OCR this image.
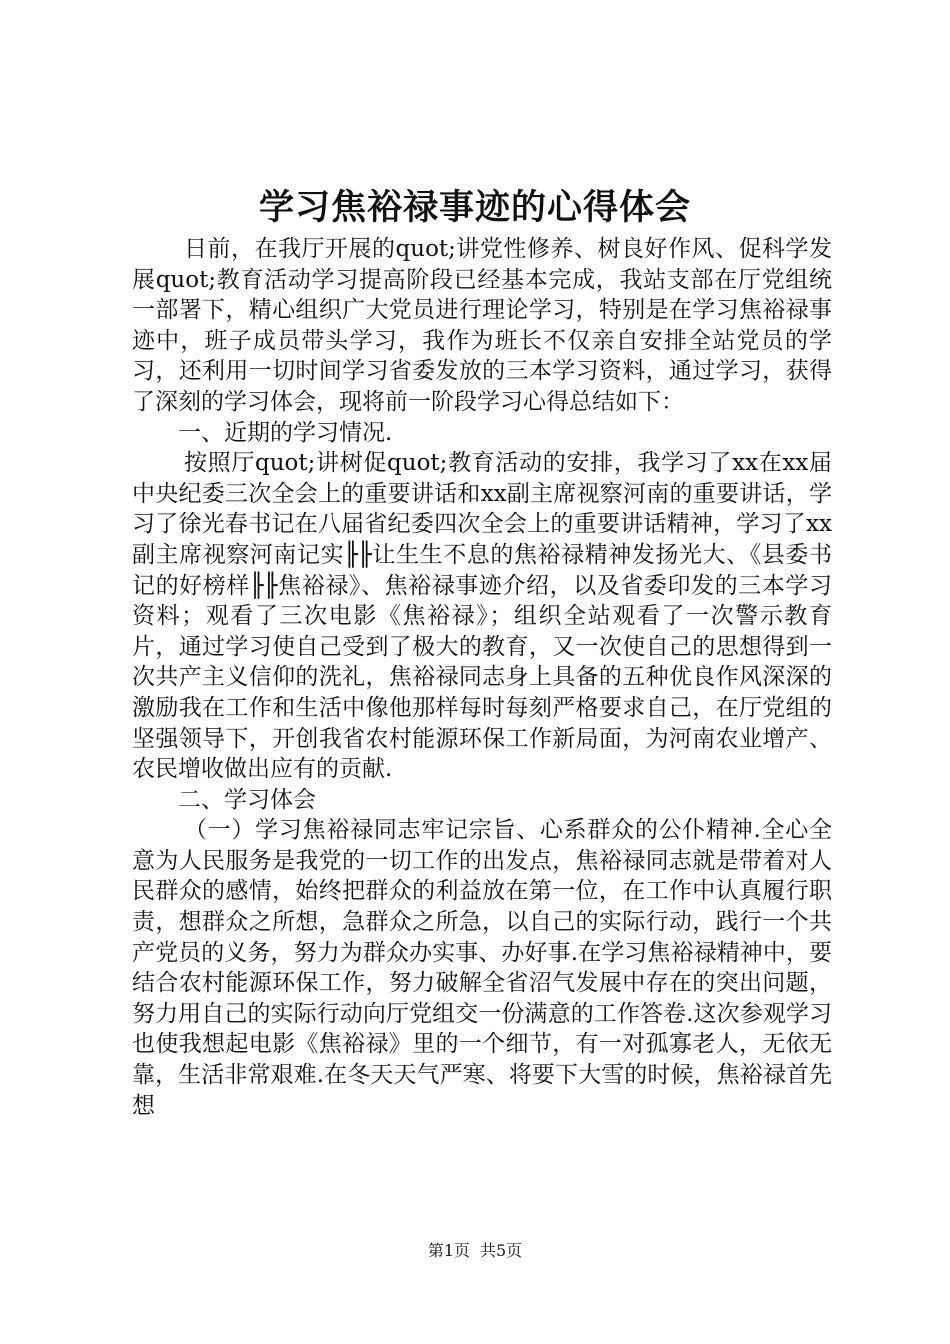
学习焦裕禄事迹的心得体会

日前，在我厅开展的quot;讲党性修养、树良好作风、促科学发展quot;教育活动学习提高阶段已经基本完成，我站支部在厅党组统一部署下，精心组织广大党员进行理论学习，特别是在学习焦裕禄事迹中，班子成员带头学习，我作为班长不仅亲自安排全站党员的学习，还利用一切时间学习省委发放的三本学习资料，通过学习，获得了深刻的学习体会，现将前一阶段学习心得总结如下：

一、近期的学习情况.

按照厅quot;讲树促quot;教育活动的安排，我学习了xx在xx届中央纪委三次全会上的重要讲话和xx副主席视察河南的重要讲话，学习了徐光春书记在八届省纪委四次全会上的重要讲话精神，学习了xx副主席视察河南记实╟╟让生生不息的焦裕禄精神发扬光大、《县委书记的好榜样╟╟焦裕禄》、焦裕禄事迹介绍，以及省委印发的三本学习资料；观看了三次电影《焦裕禄》；组织全站观看了一次警示教育片，通过学习使自己受到了极大的教育，又一次使自己的思想得到一次共产主义信仰的洗礼，焦裕禄同志身上具备的五种优良作风深深的激励我在工作和生活中像他那样每时每刻严格要求自己，在厅党组的坚强领导下，开创我省农村能源环保工作新局面，为河南农业增产、农民增收做出应有的贡献.

二、学习体会

（一）学习焦裕禄同志牢记宗旨、心系群众的公仆精神.全心全意为人民服务是我党的一切工作的出发点，焦裕禄同志就是带着对人民群众的感情，始终把群众的利益放在第一位，在工作中认真履行职责，想群众之所想，急群众之所急，以自己的实际行动，践行一个共产党员的义务，努力为群众办实事、办好事.在学习焦裕禄精神中，要结合农村能源环保工作，努力破解全省沼气发展中存在的突出问题，努力用自己的实际行动向厅党组交一份满意的工作答卷.这次参观学习也使我想起电影《焦裕禄》里的一个细节，有一对孤寡老人，无依无靠，生活非常艰难.在冬天天气严寒、将要下大雪的时候，焦裕禄首先想

第1页 共5页
